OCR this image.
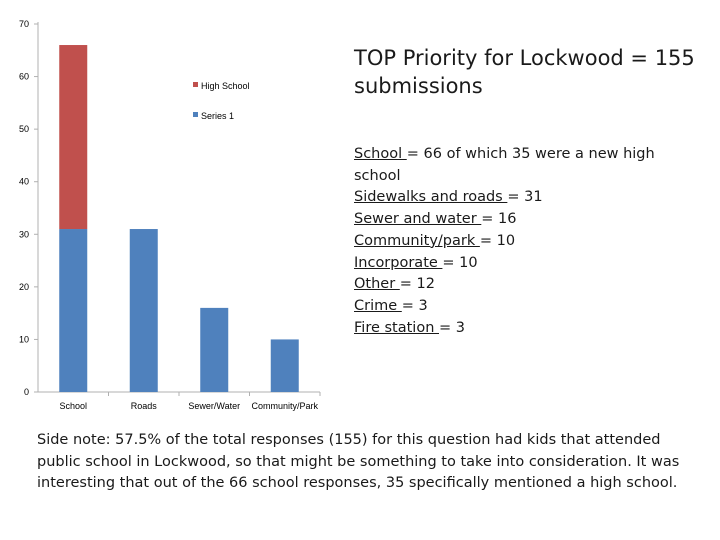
0
10
20
30
40
50
60
70
School	Roads	Sewer/Water Community/Park
High School
Series 1
TOP Priority for Lockwood = 155 submissions
School = 66 of which 35 were a new high school
Sidewalks and roads = 31
Sewer and water = 16
Community/park = 10
Incorporate = 10
Other = 12
Crime = 3
Fire station = 3
Side note: 57.5% of the total responses (155) for this question had kids that attended public school in Lockwood, so that might be something to take into consideration. It was interesting that out of the 66 school responses, 35 specifically mentioned a high school.
